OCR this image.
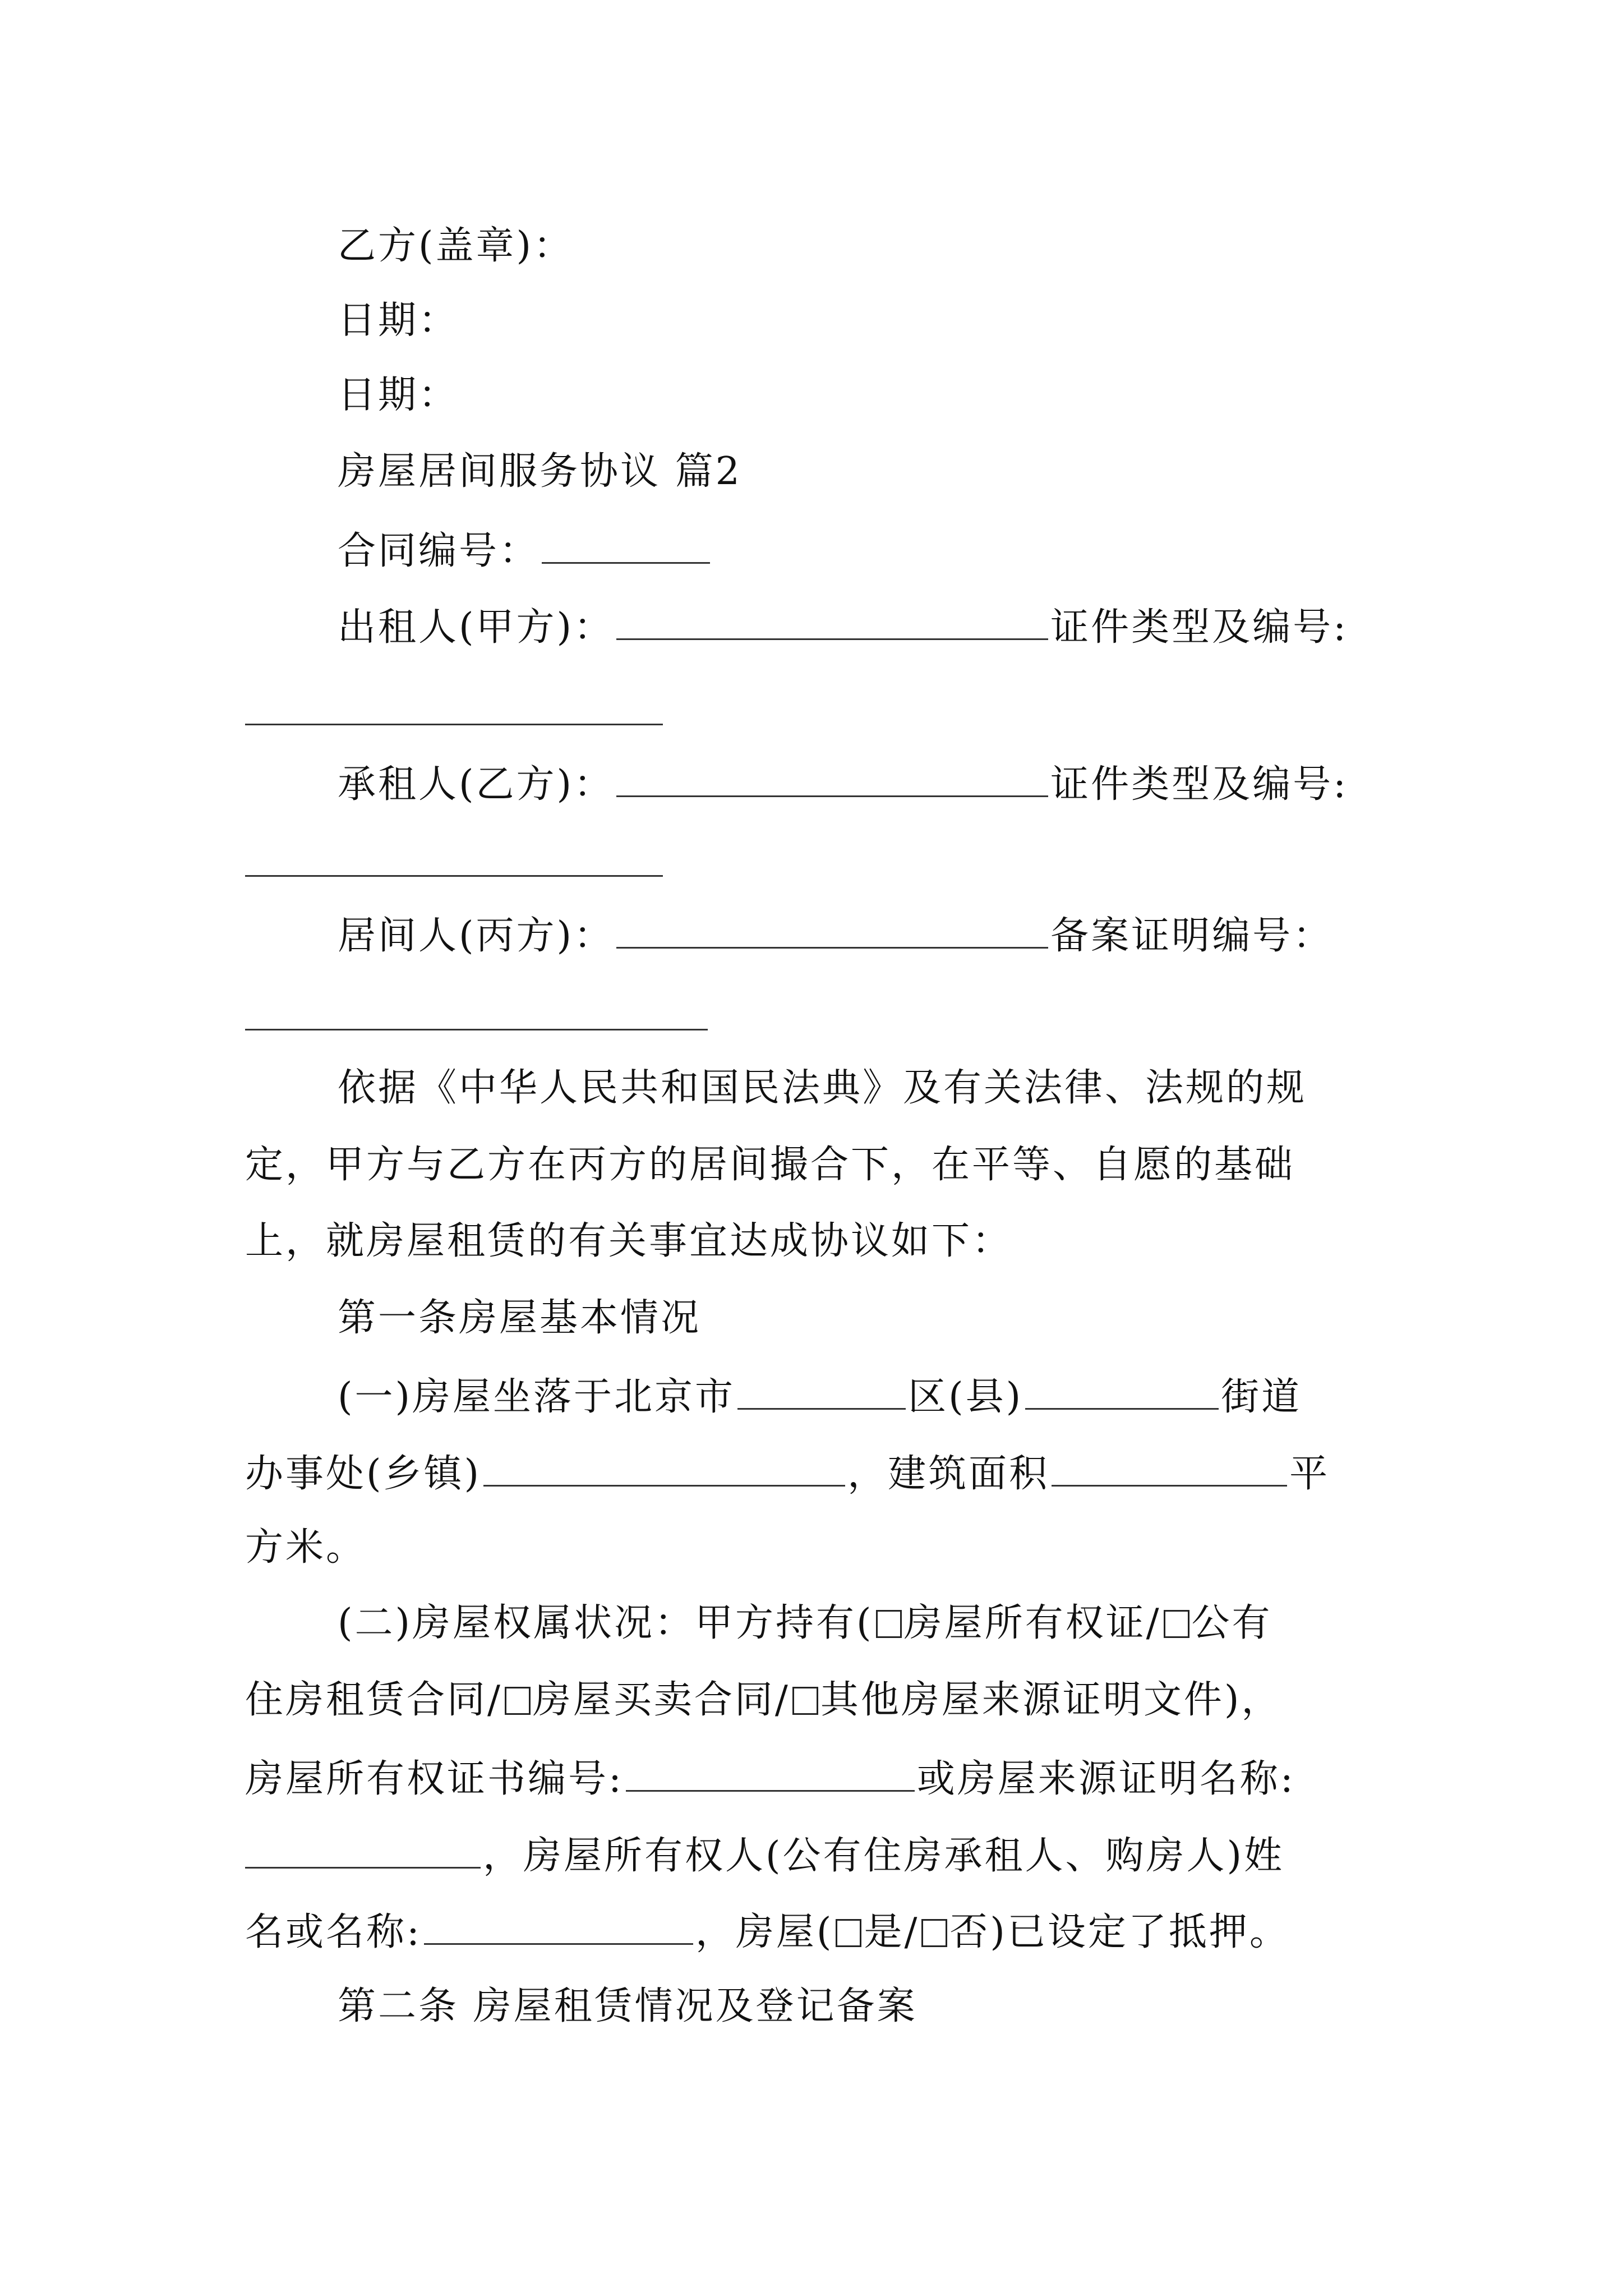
乙方(盖章)：

日期：

日期：

房屋居间服务协议 篇2

合同编号：

出租人(甲方)：	证件类型及编号:

承租人(乙方)：	证件类型及编号:

居间人(丙方)：	备案证明编号：

依据《中华人民共和国民法典》及有关法律、法规的规

定，甲方与乙方在丙方的居间撮合下，在平等、自愿的基础

上，就房屋租赁的有关事宜达成协议如下：

第一条房屋基本情况

(一)房屋坐落于北京市	区(县)	街道

办事处(乡镇)	，建筑面积	平

方米。

(二)房屋权属状况：甲方持有( 房屋所有权证/ 公有

住房租赁合同/ 房屋买卖合同/ 其他房屋来源证明文件)，

房屋所有权证书编号:	或房屋来源证明名称:

，房屋所有权人(公有住房承租人、购房人)姓

名或名称:	，房屋( 是/ 否)已设定了抵押。

第二条 房屋租赁情况及登记备案
